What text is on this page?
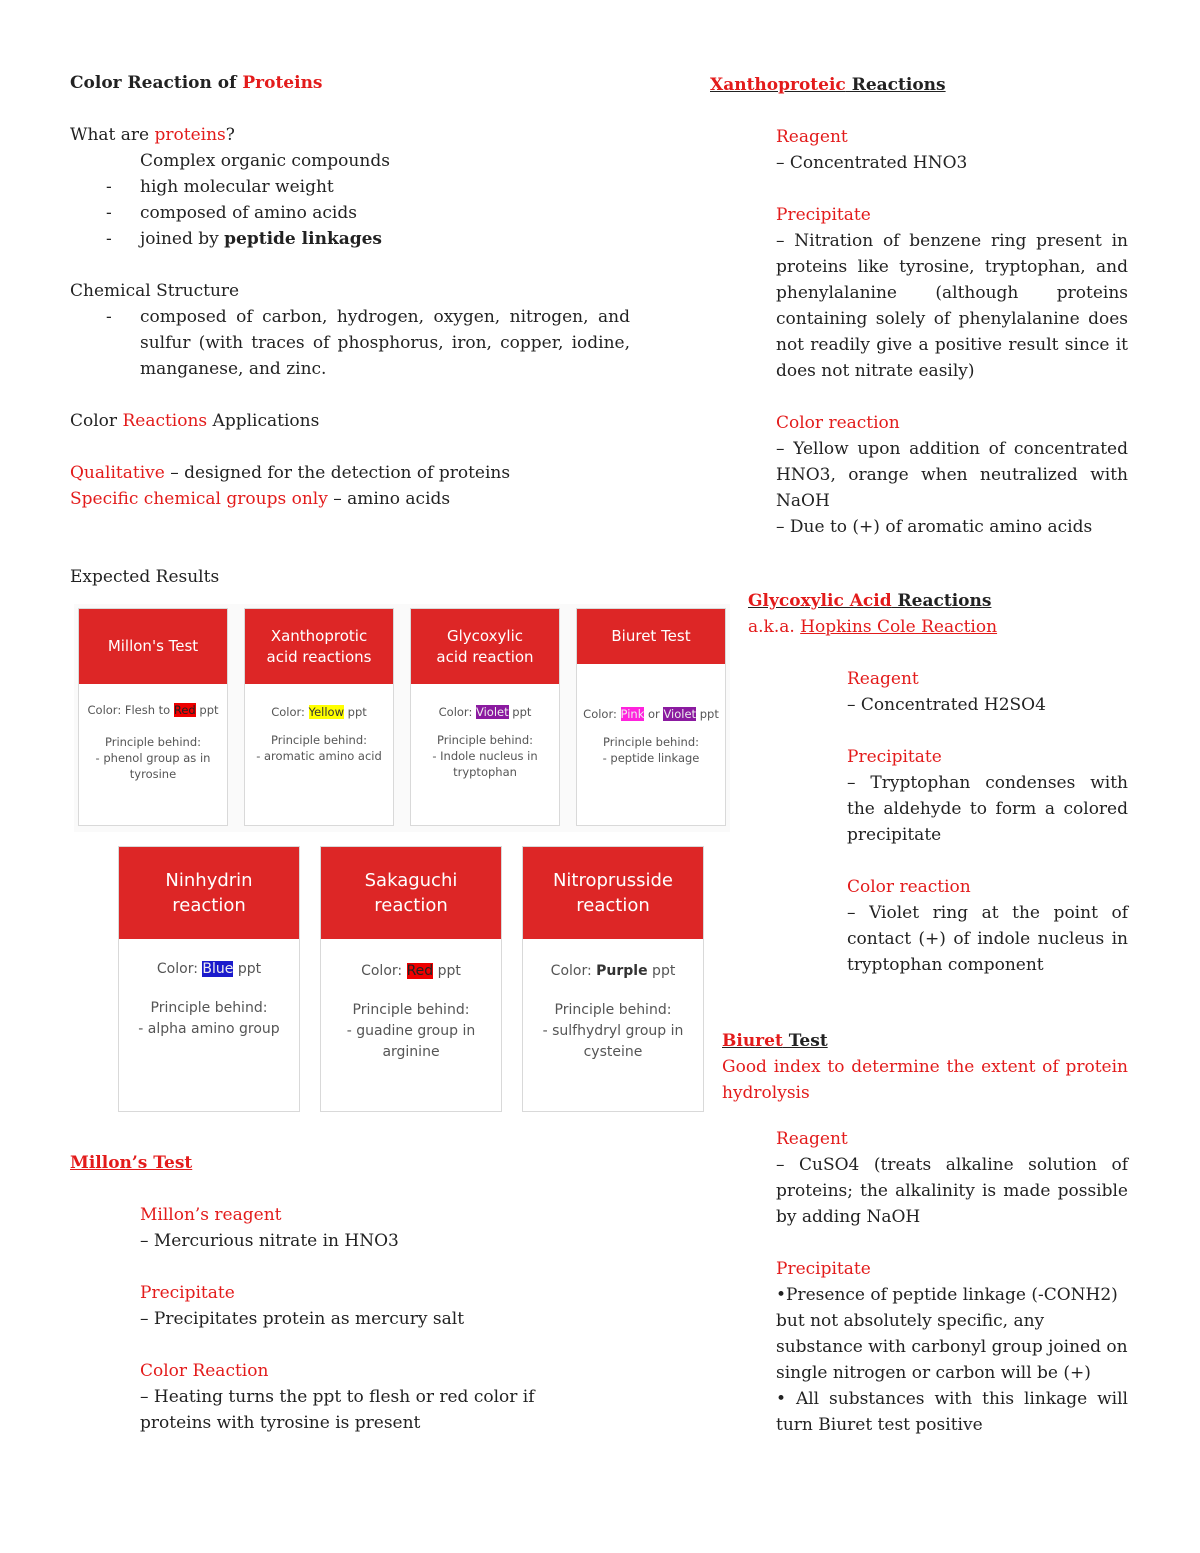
Color Reaction of Proteins

What are proteins?

Complex organic compounds

- high molecular weight
- composed of amino acids
- joined by peptide linkages

Chemical Structure

- composed of carbon, hydrogen, oxygen, nitrogen, and sulfur (with traces of phosphorus, iron, copper, iodine, manganese, and zinc.

Color Reactions Applications

Qualitative – designed for the detection of proteins

Specific chemical groups only – amino acids

Expected Results

Millon's Test
Color: Flesh to Red ppt
Principle behind:
- phenol group as in tyrosine
Xanthoprotic acid reactions
Color: Yellow ppt
Principle behind:
- aromatic amino acid
Glycoxylic acid reaction
Color: Violet ppt
Principle behind:
- Indole nucleus in tryptophan
Biuret Test
Color: Pink or Violet ppt
Principle behind:
- peptide linkage
Ninhydrin reaction
Color: Blue ppt
Principle behind:
- alpha amino group
Sakaguchi reaction
Color: Red ppt
Principle behind:
- guadine group in arginine
Nitroprusside reaction
Color: Purple ppt
Principle behind:
- sulfhydryl group in cysteine

Millon’s Test

Millon’s reagent

– Mercurious nitrate in HNO3

Precipitate

– Precipitates protein as mercury salt

Color Reaction

– Heating turns the ppt to flesh or red color if proteins with tyrosine is present

Xanthoproteic Reactions

Reagent

– Concentrated HNO3

Precipitate

– Nitration of benzene ring present in proteins like tyrosine, tryptophan, and phenylalanine (although proteins containing solely of phenylalanine does not readily give a positive result since it does not nitrate easily)

Color reaction

– Yellow upon addition of concentrated HNO3, orange when neutralized with NaOH

– Due to (+) of aromatic amino acids

Glycoxylic Acid Reactions

a.k.a. Hopkins Cole Reaction

Reagent

– Concentrated H2SO4

Precipitate

– Tryptophan condenses with the aldehyde to form a colored precipitate

Color reaction

– Violet ring at the point of contact (+) of indole nucleus in tryptophan component

Biuret Test

Good index to determine the extent of protein hydrolysis

Reagent

– CuSO4 (treats alkaline solution of proteins; the alkalinity is made possible by adding NaOH

Precipitate

•Presence of peptide linkage (-CONH2) but not absolutely specific, any substance with carbonyl group joined on single nitrogen or carbon will be (+)

• All substances with this linkage will turn Biuret test positive
